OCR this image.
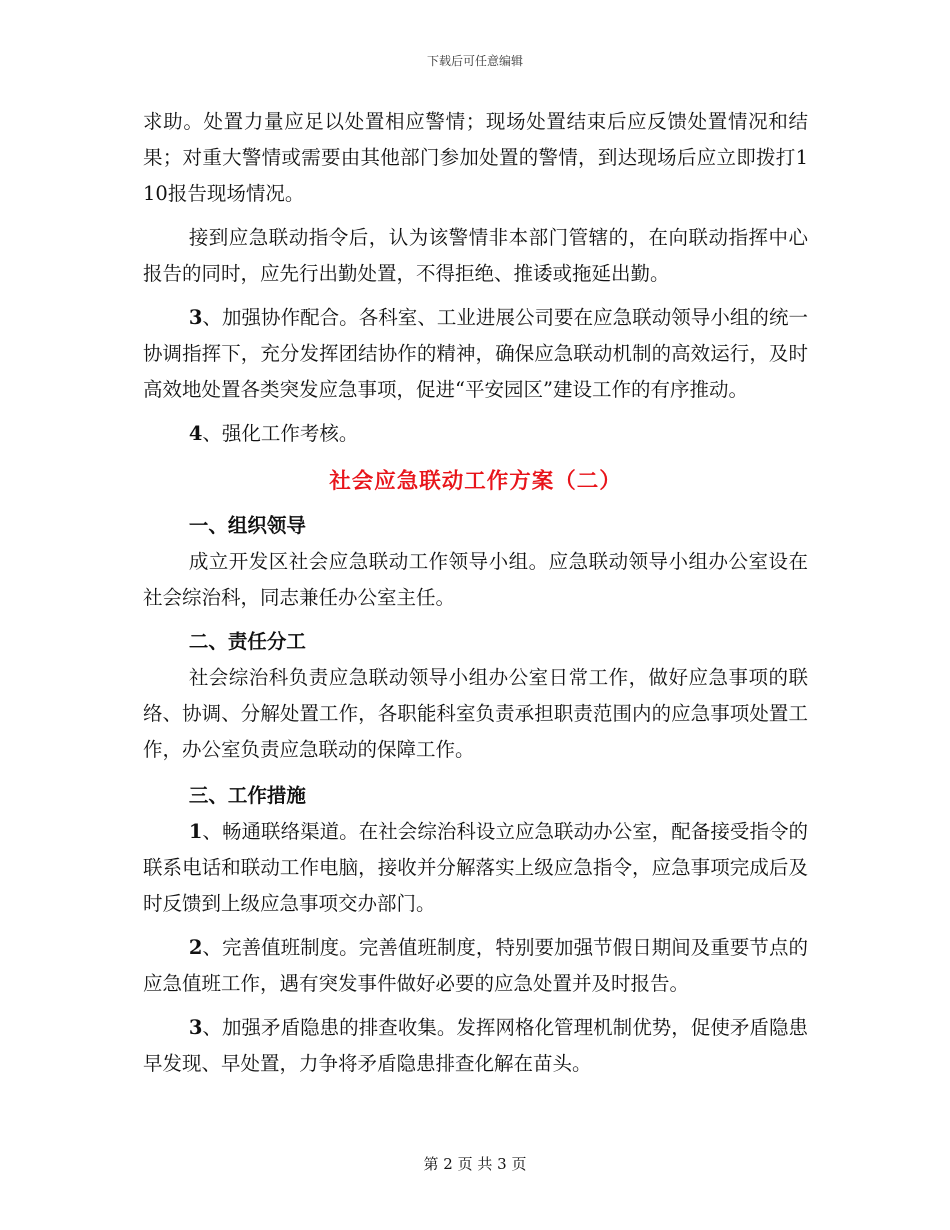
下载后可任意编辑

求助。处置力量应足以处置相应警情；现场处置结束后应反馈处置情况和结果；对重大警情或需要由其他部门参加处置的警情，到达现场后应立即拨打110报告现场情况。

接到应急联动指令后，认为该警情非本部门管辖的，在向联动指挥中心报告的同时，应先行出勤处置，不得拒绝、推诿或拖延出勤。

3、加强协作配合。各科室、工业进展公司要在应急联动领导小组的统一协调指挥下，充分发挥团结协作的精神，确保应急联动机制的高效运行，及时高效地处置各类突发应急事项，促进“平安园区”建设工作的有序推动。

4、强化工作考核。

社会应急联动工作方案（二）
一、组织领导

成立开发区社会应急联动工作领导小组。应急联动领导小组办公室设在社会综治科，同志兼任办公室主任。

二、责任分工

社会综治科负责应急联动领导小组办公室日常工作，做好应急事项的联络、协调、分解处置工作，各职能科室负责承担职责范围内的应急事项处置工作，办公室负责应急联动的保障工作。

三、工作措施

1、畅通联络渠道。在社会综治科设立应急联动办公室，配备接受指令的联系电话和联动工作电脑，接收并分解落实上级应急指令，应急事项完成后及时反馈到上级应急事项交办部门。

2、完善值班制度。完善值班制度，特别要加强节假日期间及重要节点的应急值班工作，遇有突发事件做好必要的应急处置并及时报告。

3、加强矛盾隐患的排查收集。发挥网格化管理机制优势，促使矛盾隐患早发现、早处置，力争将矛盾隐患排查化解在苗头。

第 2 页 共 3 页
